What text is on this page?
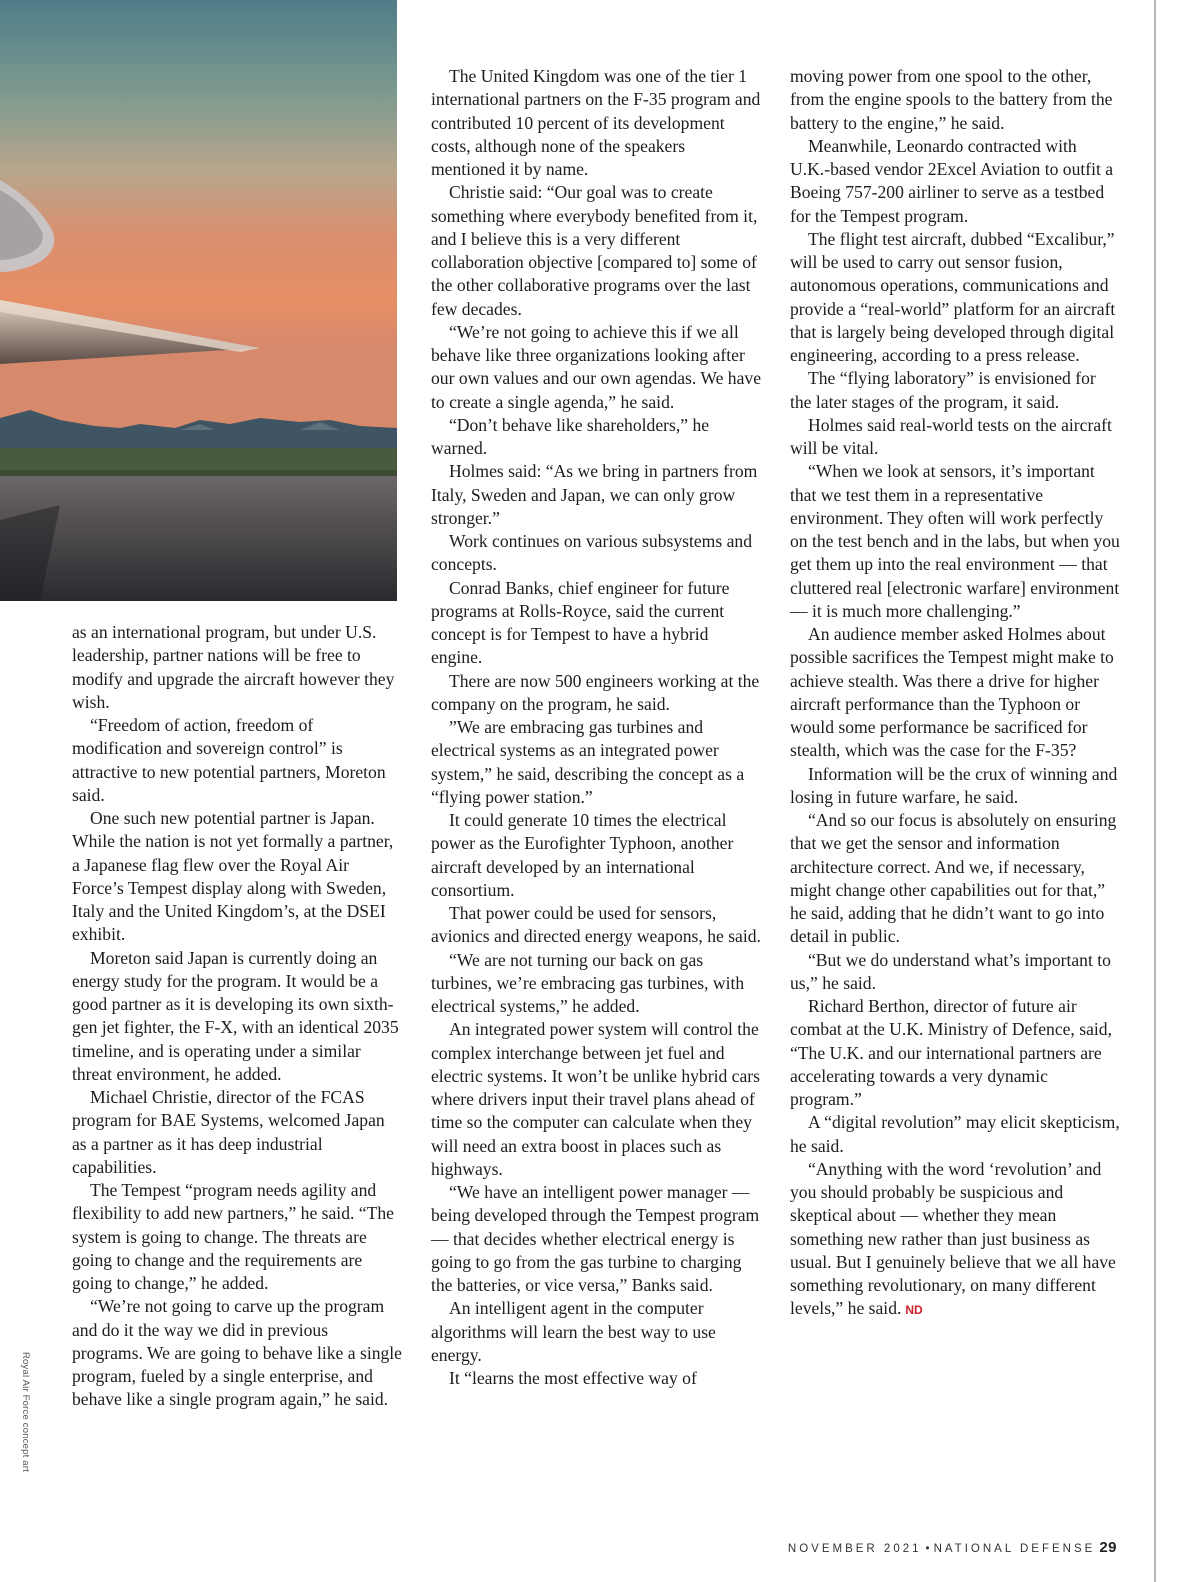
Royal Air Force concept art

as an international program, but under U.S. leadership, partner nations will be free to modify and upgrade the aircraft however they wish.

“Freedom of action, freedom of modification and sovereign control” is attractive to new potential partners, Moreton said.

One such new potential partner is Japan. While the nation is not yet formally a partner, a Japanese flag flew over the Royal Air Force’s Tempest display along with Sweden, Italy and the United Kingdom’s, at the DSEI exhibit.

Moreton said Japan is currently doing an energy study for the program. It would be a good partner as it is developing its own sixth-gen jet fighter, the F-X, with an identical 2035 timeline, and is operating under a similar threat environment, he added.

Michael Christie, director of the FCAS program for BAE Systems, welcomed Japan as a partner as it has deep industrial capabilities.

The Tempest “program needs agility and flexibility to add new partners,” he said. “The system is going to change. The threats are going to change and the requirements are going to change,” he added.

“We’re not going to carve up the program and do it the way we did in previous programs. We are going to behave like a single program, fueled by a single enterprise, and behave like a single program again,” he said.

The United Kingdom was one of the tier 1 international partners on the F-35 program and contributed 10 percent of its development costs, although none of the speakers mentioned it by name.

Christie said: “Our goal was to create something where everybody benefited from it, and I believe this is a very different collaboration objective [compared to] some of the other collaborative programs over the last few decades.

“We’re not going to achieve this if we all behave like three organizations looking after our own values and our own agendas. We have to create a single agenda,” he said.

“Don’t behave like shareholders,” he warned.

Holmes said: “As we bring in partners from Italy, Sweden and Japan, we can only grow stronger.”

Work continues on various subsystems and concepts.

Conrad Banks, chief engineer for future programs at Rolls-Royce, said the current concept is for Tempest to have a hybrid engine.

There are now 500 engineers working at the company on the program, he said.

”We are embracing gas turbines and electrical systems as an integrated power system,” he said, describing the concept as a “flying power station.”

It could generate 10 times the electrical power as the Eurofighter Typhoon, another aircraft developed by an international consortium.

That power could be used for sensors, avionics and directed energy weapons, he said.

“We are not turning our back on gas turbines, we’re embracing gas turbines, with electrical systems,” he added.

An integrated power system will control the complex interchange between jet fuel and electric systems. It won’t be unlike hybrid cars where drivers input their travel plans ahead of time so the computer can calculate when they will need an extra boost in places such as highways.

“We have an intelligent power manager — being developed through the Tempest program — that decides whether electrical energy is going to go from the gas turbine to charging the batteries, or vice versa,” Banks said.

An intelligent agent in the computer algorithms will learn the best way to use energy.

It “learns the most effective way of

moving power from one spool to the other, from the engine spools to the battery from the battery to the engine,” he said.

Meanwhile, Leonardo contracted with U.K.-based vendor 2Excel Aviation to outfit a Boeing 757-200 airliner to serve as a testbed for the Tempest program.

The flight test aircraft, dubbed “Excalibur,” will be used to carry out sensor fusion, autonomous operations, communications and provide a “real-world” platform for an aircraft that is largely being developed through digital engineering, according to a press release.

The “flying laboratory” is envisioned for the later stages of the program, it said.

Holmes said real-world tests on the aircraft will be vital.

“When we look at sensors, it’s important that we test them in a representative environment. They often will work perfectly on the test bench and in the labs, but when you get them up into the real environment — that cluttered real [electronic warfare] environment — it is much more challenging.”

An audience member asked Holmes about possible sacrifices the Tempest might make to achieve stealth. Was there a drive for higher aircraft performance than the Typhoon or would some performance be sacrificed for stealth, which was the case for the F-35?

Information will be the crux of winning and losing in future warfare, he said.

“And so our focus is absolutely on ensuring that we get the sensor and information architecture correct. And we, if necessary, might change other capabilities out for that,” he said, adding that he didn’t want to go into detail in public.

“But we do understand what’s important to us,” he said.

Richard Berthon, director of future air combat at the U.K. Ministry of Defence, said, “The U.K. and our international partners are accelerating towards a very dynamic program.”

A “digital revolution” may elicit skepticism, he said.

“Anything with the word ‘revolution’ and you should probably be suspicious and skeptical about — whether they mean something new rather than just business as usual. But I genuinely believe that we all have something revolutionary, on many different levels,” he said. ND

NOVEMBER 2021 • NATIONAL DEFENSE 29
